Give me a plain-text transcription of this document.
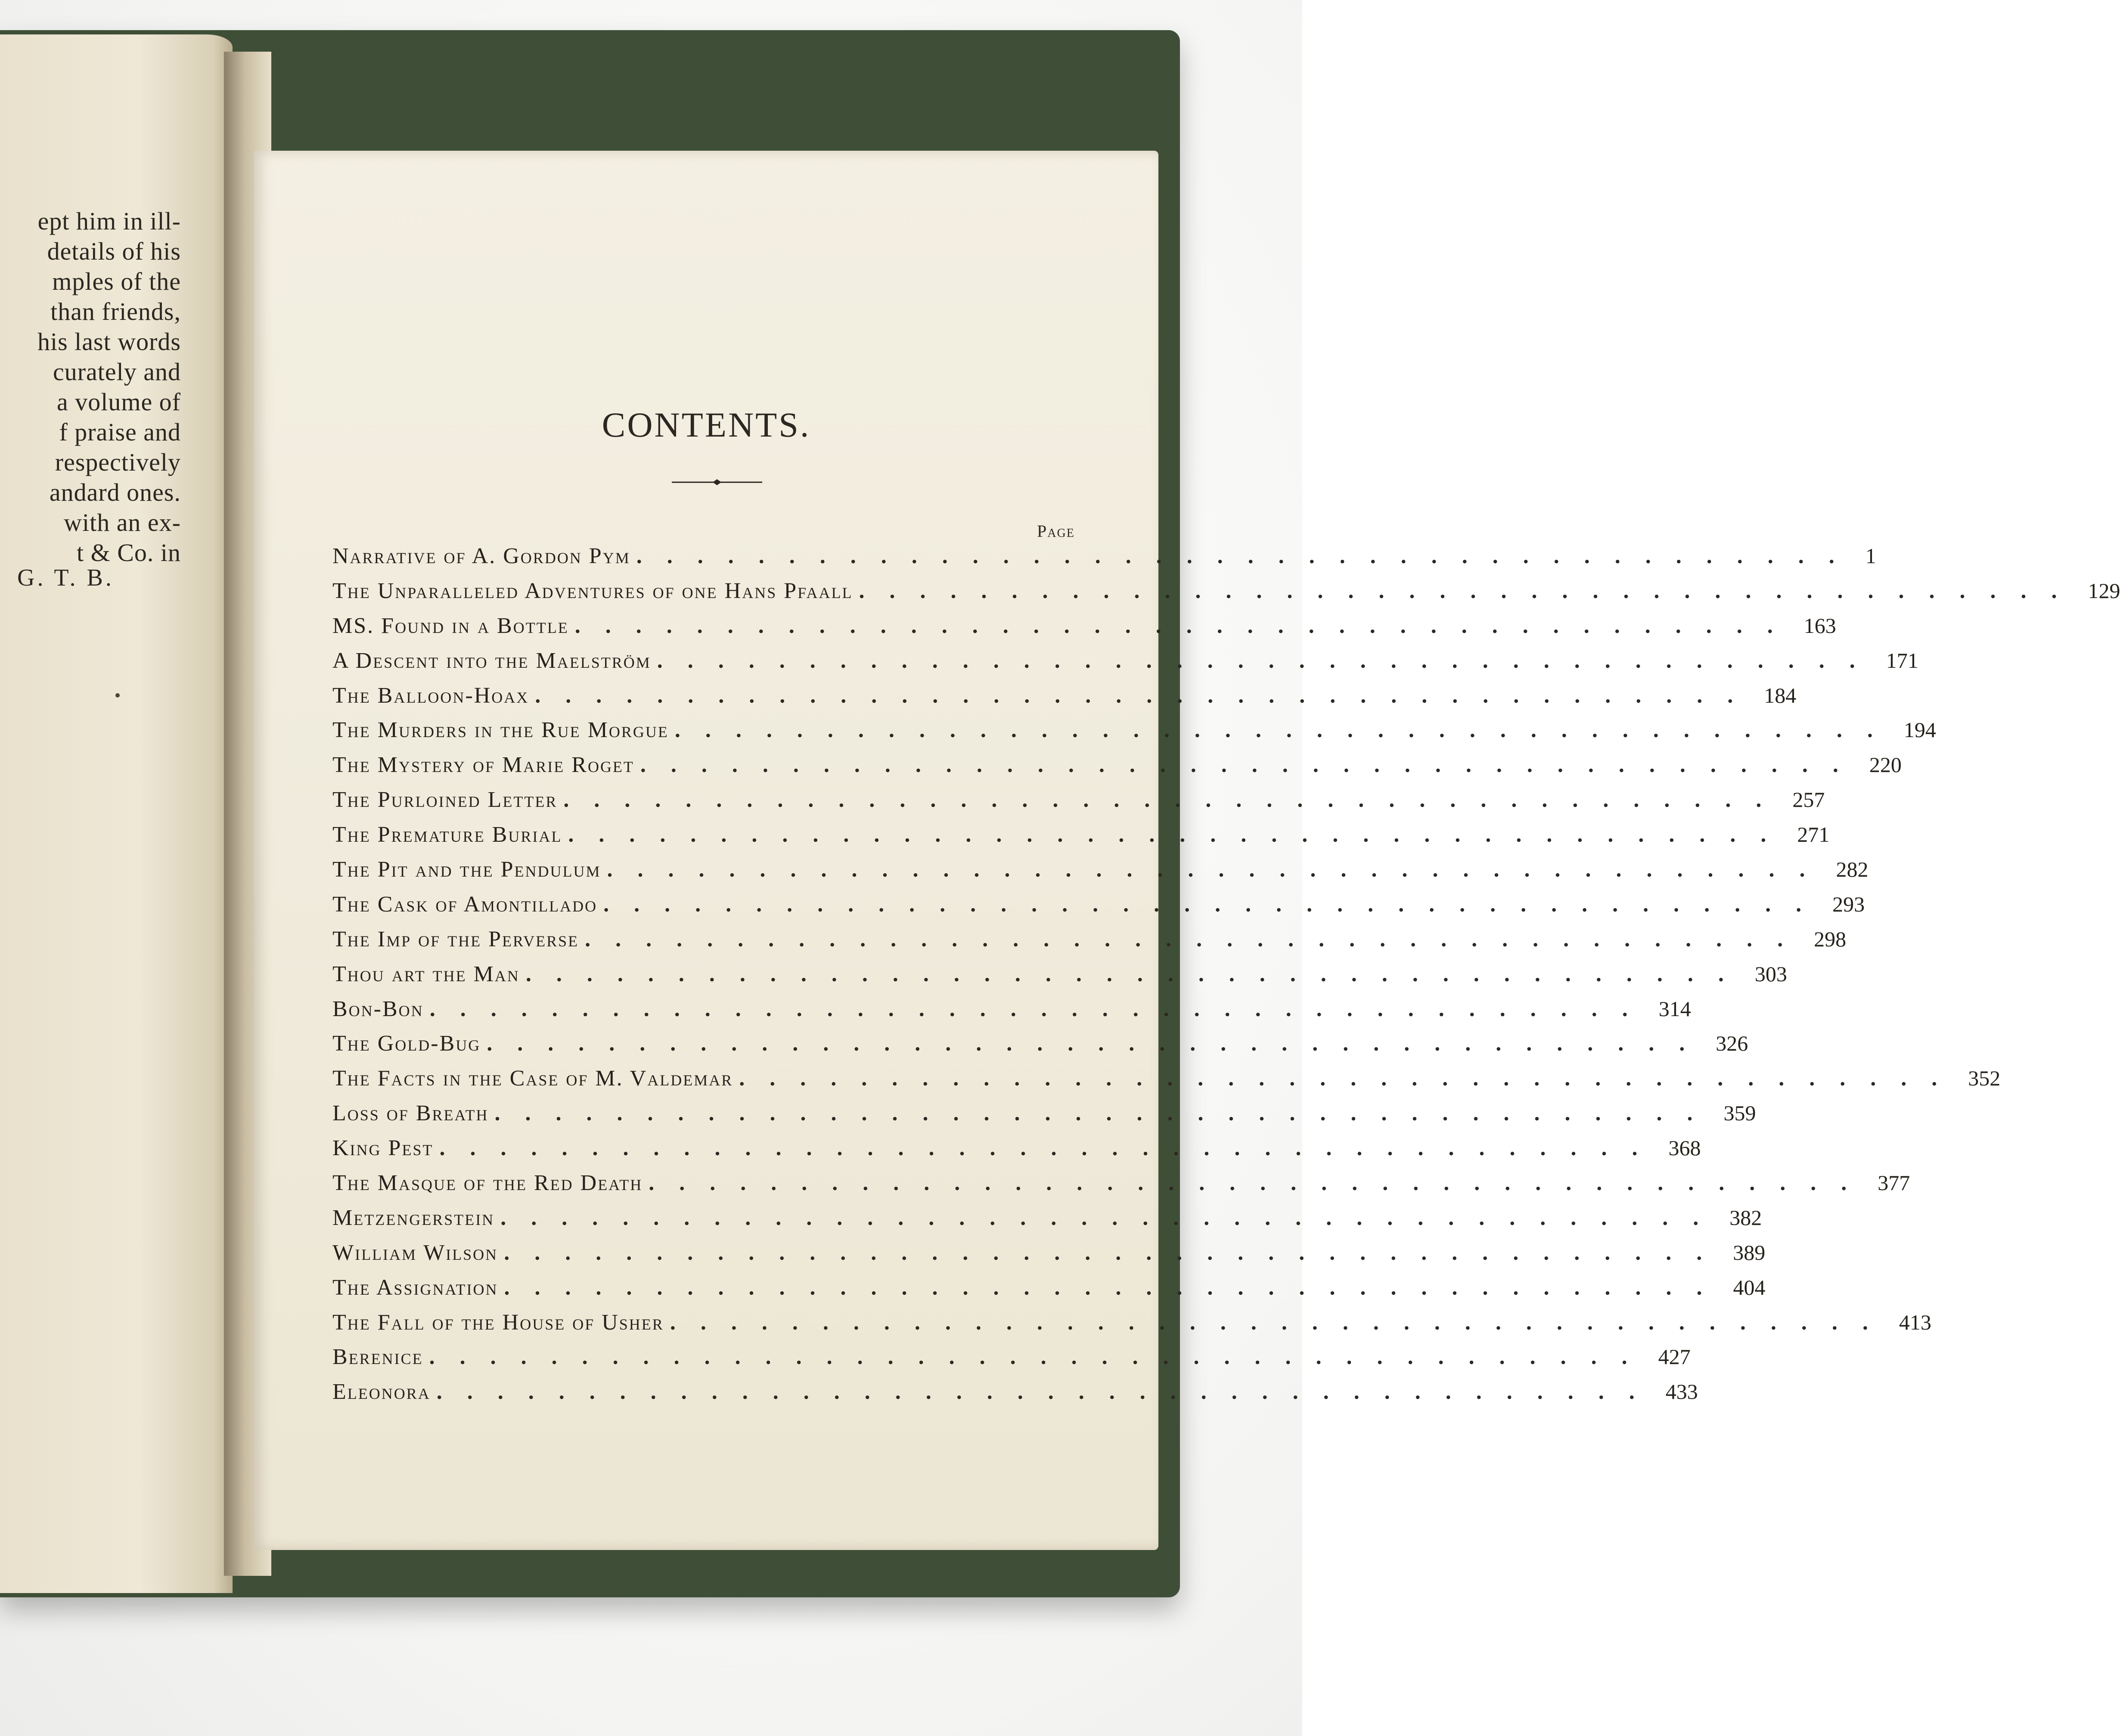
ept him in ill-
details of his
mples of the
than friends,
his last words
curately and
a volume of
f praise and
respectively
andard ones.
with an ex-
t & Co. in
G. T. B.
CONTENTS.
Page
Narrative of A. Gordon Pym ........................................ 1
The Unparalleled Adventures of one Hans Pfaall ........................................ 129
MS. Found in a Bottle ........................................ 163
A Descent into the Maelström ........................................ 171
The Balloon-Hoax ........................................ 184
The Murders in the Rue Morgue ........................................ 194
The Mystery of Marie Roget ........................................ 220
The Purloined Letter ........................................ 257
The Premature Burial ........................................ 271
The Pit and the Pendulum ........................................ 282
The Cask of Amontillado ........................................ 293
The Imp of the Perverse ........................................ 298
Thou art the Man ........................................ 303
Bon-Bon ........................................ 314
The Gold-Bug ........................................ 326
The Facts in the Case of M. Valdemar ........................................ 352
Loss of Breath ........................................ 359
King Pest ........................................ 368
The Masque of the Red Death ........................................ 377
Metzengerstein ........................................ 382
William Wilson ........................................ 389
The Assignation ........................................ 404
The Fall of the House of Usher ........................................ 413
Berenice ........................................ 427
Eleonora ........................................ 433
